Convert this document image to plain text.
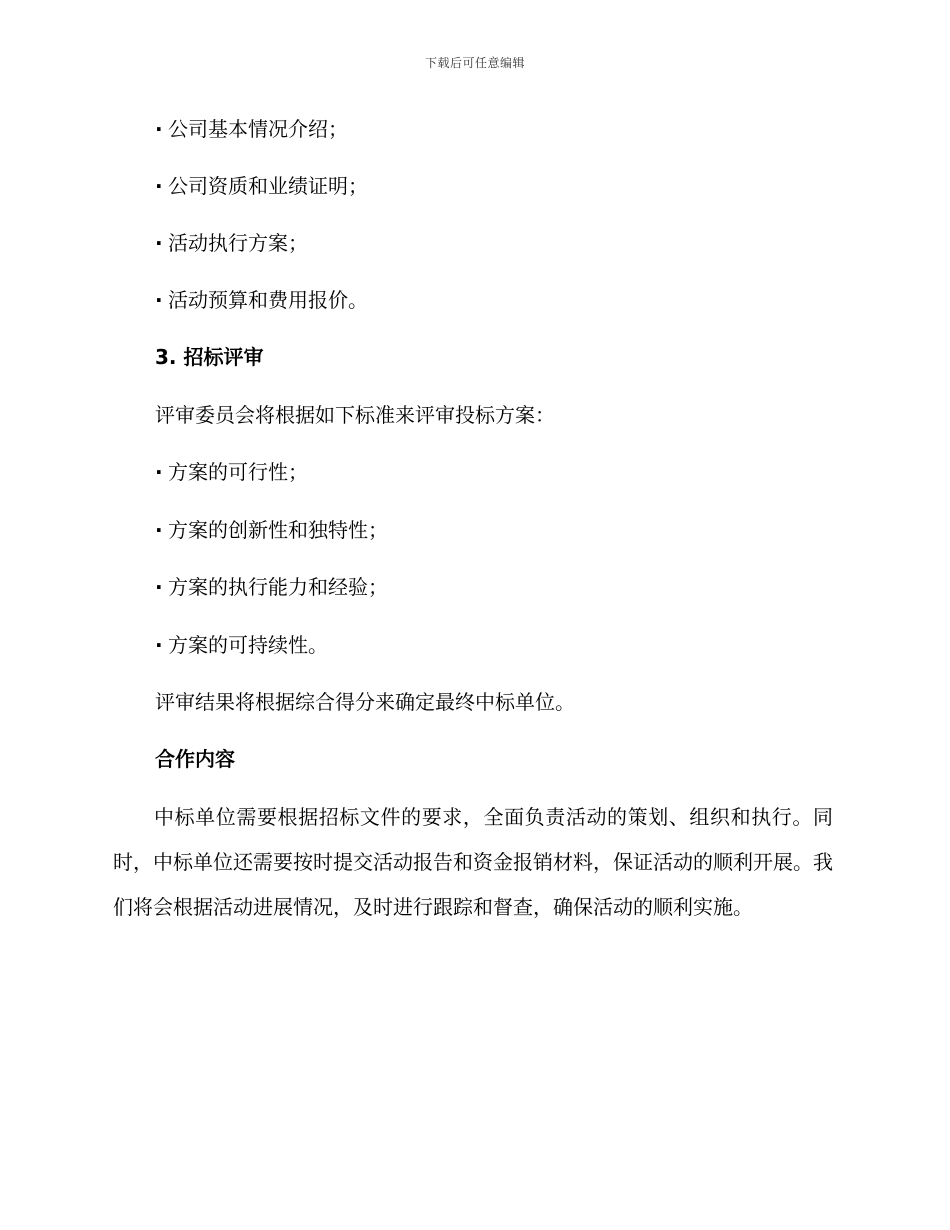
下载后可任意编辑
· 公司基本情况介绍；
· 公司资质和业绩证明；
· 活动执行方案；
· 活动预算和费用报价。
3. 招标评审
评审委员会将根据如下标准来评审投标方案：
· 方案的可行性；
· 方案的创新性和独特性；
· 方案的执行能力和经验；
· 方案的可持续性。
评审结果将根据综合得分来确定最终中标单位。
合作内容
中标单位需要根据招标文件的要求，全面负责活动的策划、组织和执行。同时，中标单位还需要按时提交活动报告和资金报销材料，保证活动的顺利开展。我们将会根据活动进展情况，及时进行跟踪和督查，确保活动的顺利实施。
